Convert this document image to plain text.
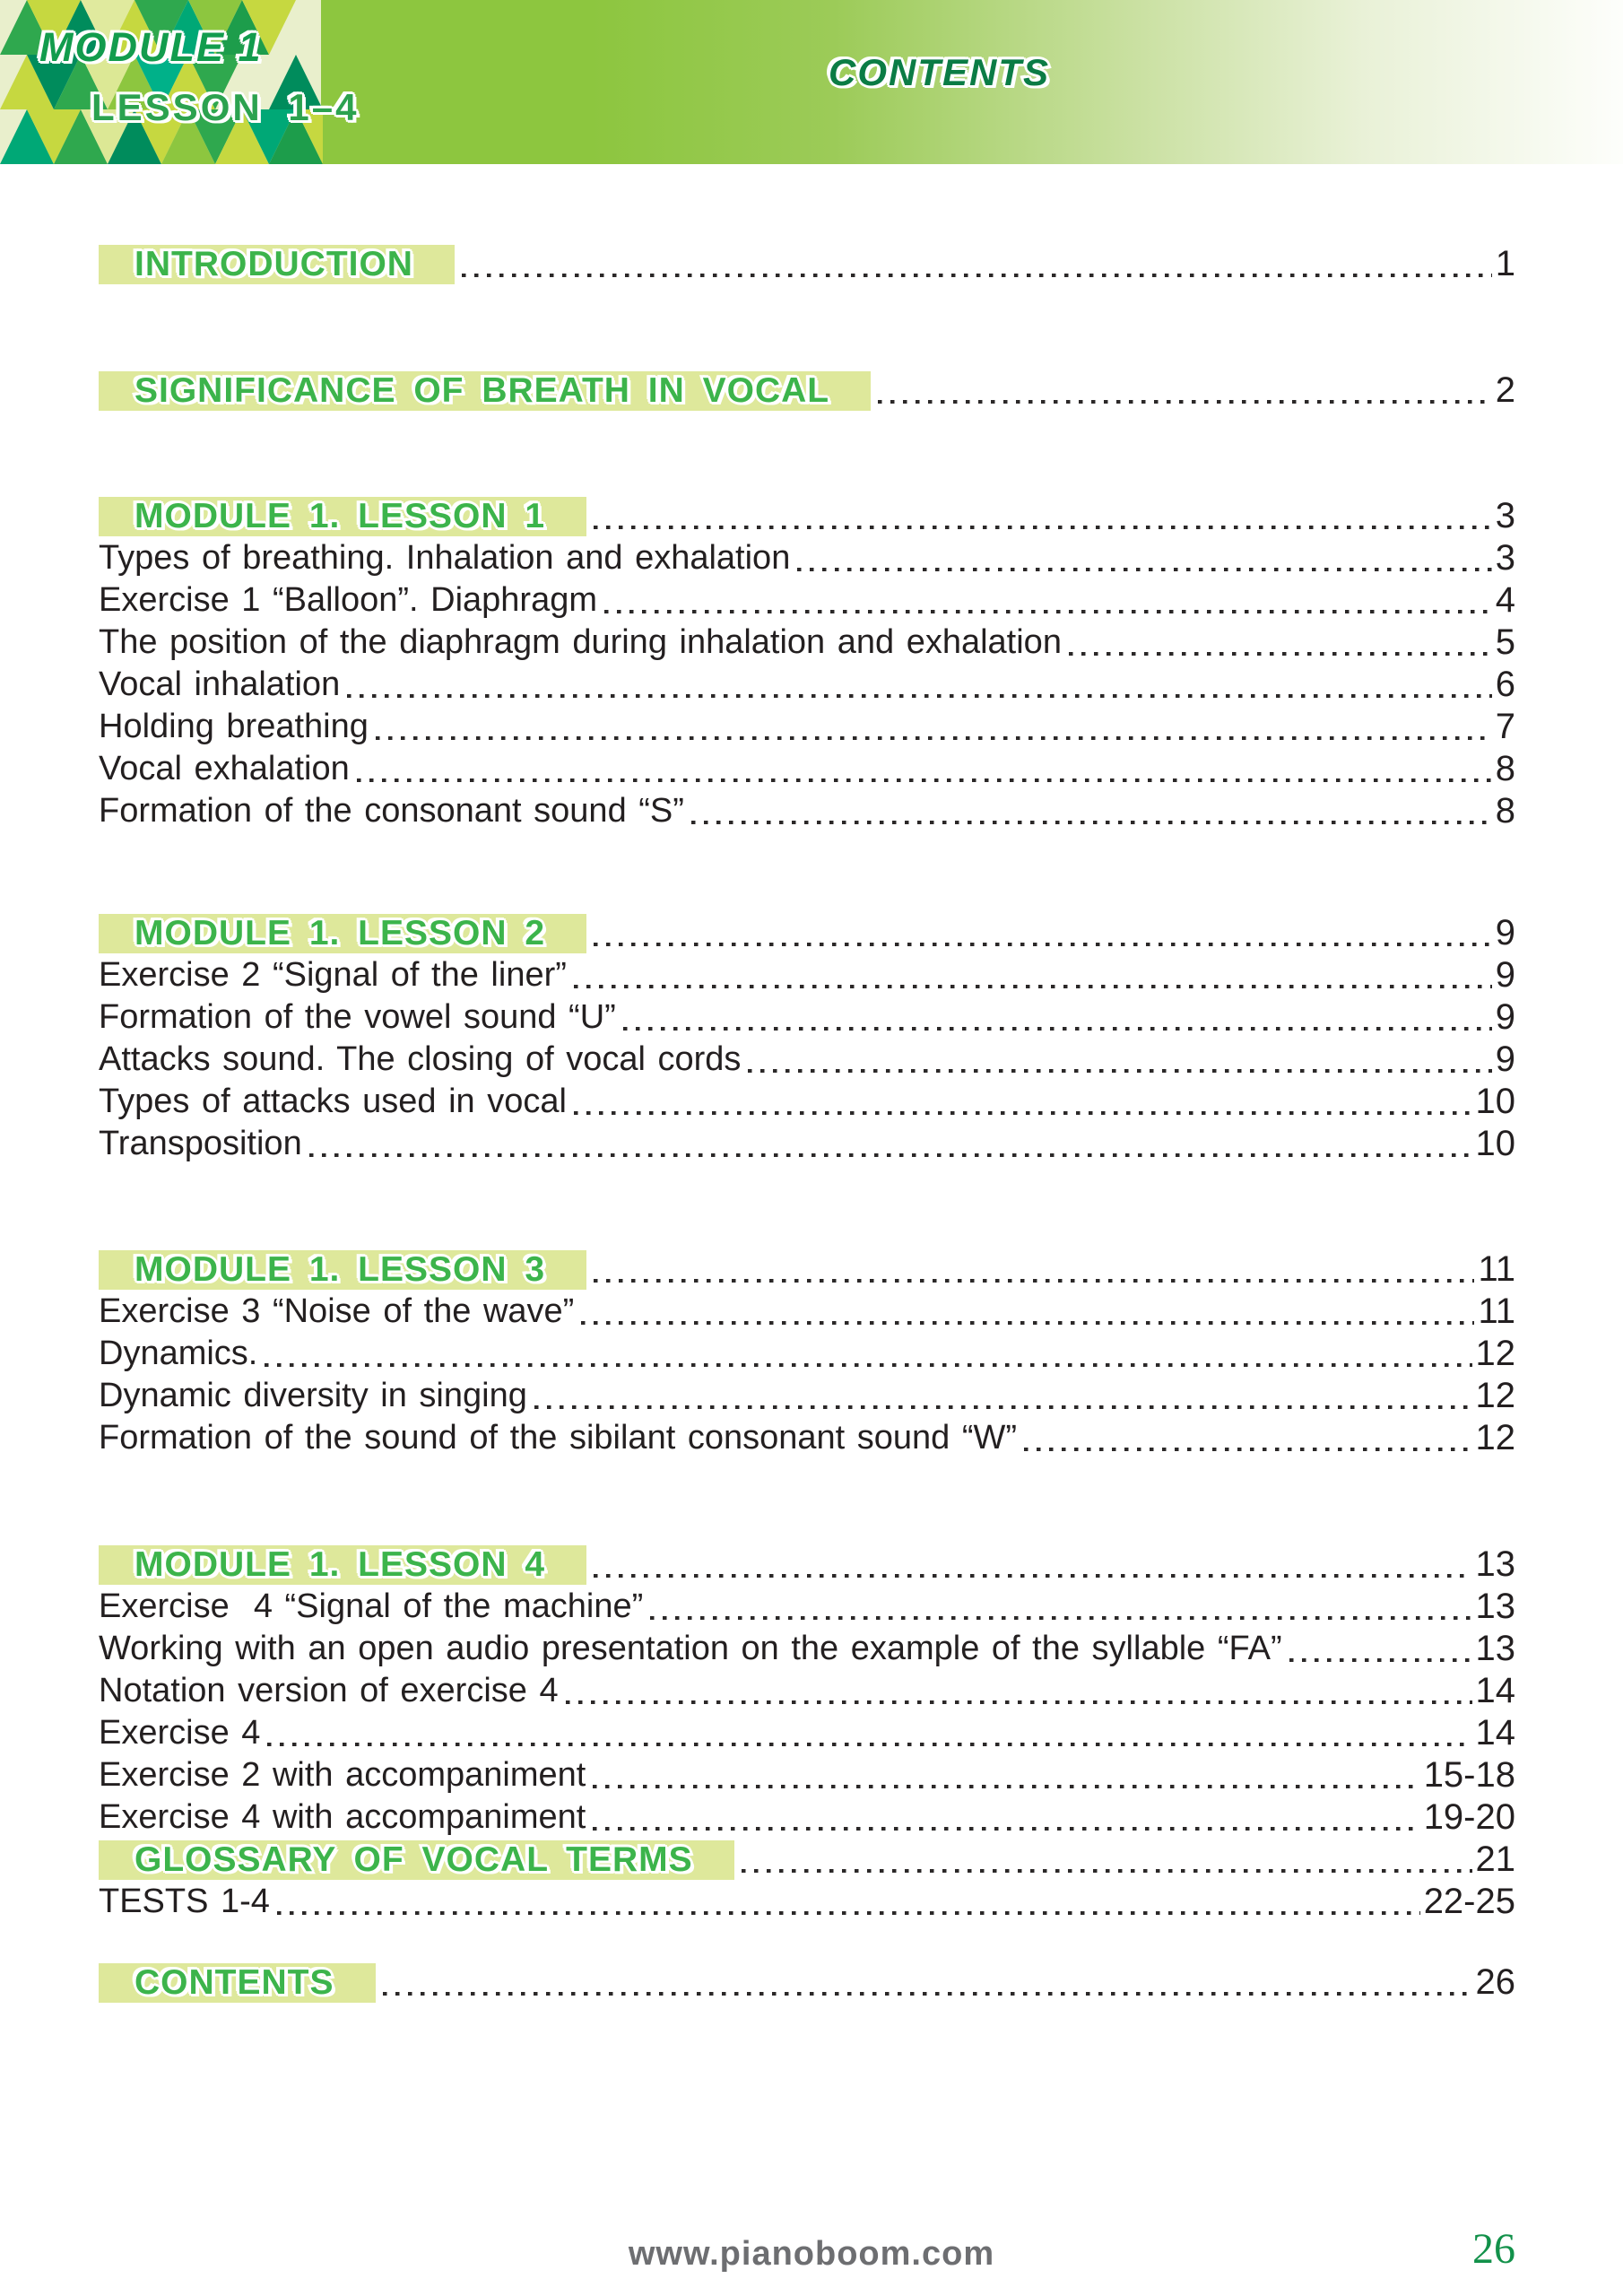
MODULE 1
LESSON 1–4
CONTENTS
INTRODUCTION	1
SIGNIFICANCE OF BREATH IN VOCAL	2
MODULE 1. LESSON 1	3
Types of breathing. Inhalation and exhalation	3
Exercise 1 “Balloon”. Diaphragm	4
The position of the diaphragm during inhalation and exhalation	5
Vocal inhalation	6
Holding breathing	7
Vocal exhalation	8
Formation of the consonant sound “S”	8
MODULE 1. LESSON 2	9
Exercise 2 “Signal of the liner”	9
Formation of the vowel sound “U”	9
Attacks sound. The closing of vocal cords	9
Types of attacks used in vocal	10
Transposition	10
MODULE 1. LESSON 3	11
Exercise 3 “Noise of the wave”	11
Dynamics.	12
Dynamic diversity in singing	12
Formation of the sound of the sibilant consonant sound “W”	12
MODULE 1. LESSON 4	13
Exercise  4 “Signal of the machine”	13
Working with an open audio presentation on the example of the syllable “FA”	13
Notation version of exercise 4	14
Exercise 4	14
Exercise 2 with accompaniment	15-18
Exercise 4 with accompaniment	19-20
GLOSSARY OF VOCAL TERMS	21
TESTS 1-4	22-25
CONTENTS	26
www.pianoboom.com	26
